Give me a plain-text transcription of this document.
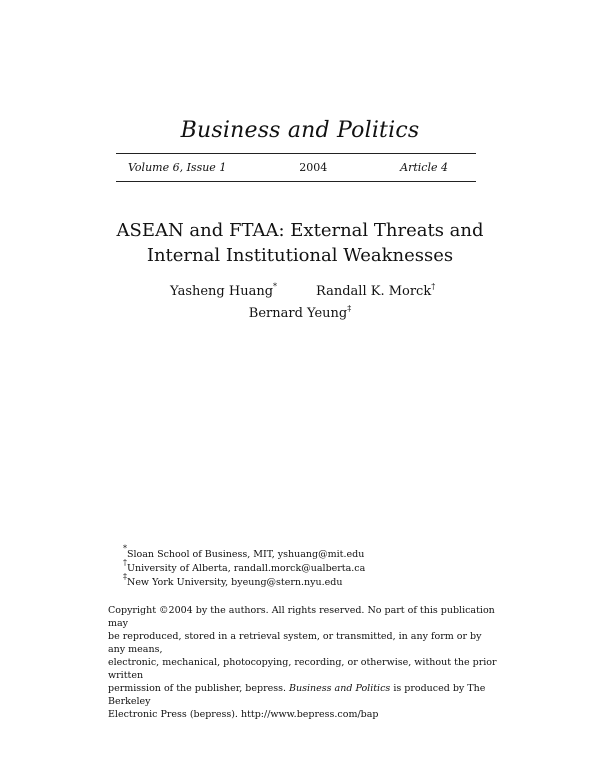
Business and Politics
Volume 6, Issue 1	2004	Article 4
ASEAN and FTAA: External Threats and
Internal Institutional Weaknesses
Yasheng Huang*	Randall K. Morck†
Bernard Yeung‡
*Sloan School of Business, MIT, yshuang@mit.edu
†University of Alberta, randall.morck@ualberta.ca
‡New York University, byeung@stern.nyu.edu
Copyright ©2004 by the authors. All rights reserved. No part of this publication may
be reproduced, stored in a retrieval system, or transmitted, in any form or by any means,
electronic, mechanical, photocopying, recording, or otherwise, without the prior written
permission of the publisher, bepress. Business and Politics is produced by The Berkeley
Electronic Press (bepress). http://www.bepress.com/bap
